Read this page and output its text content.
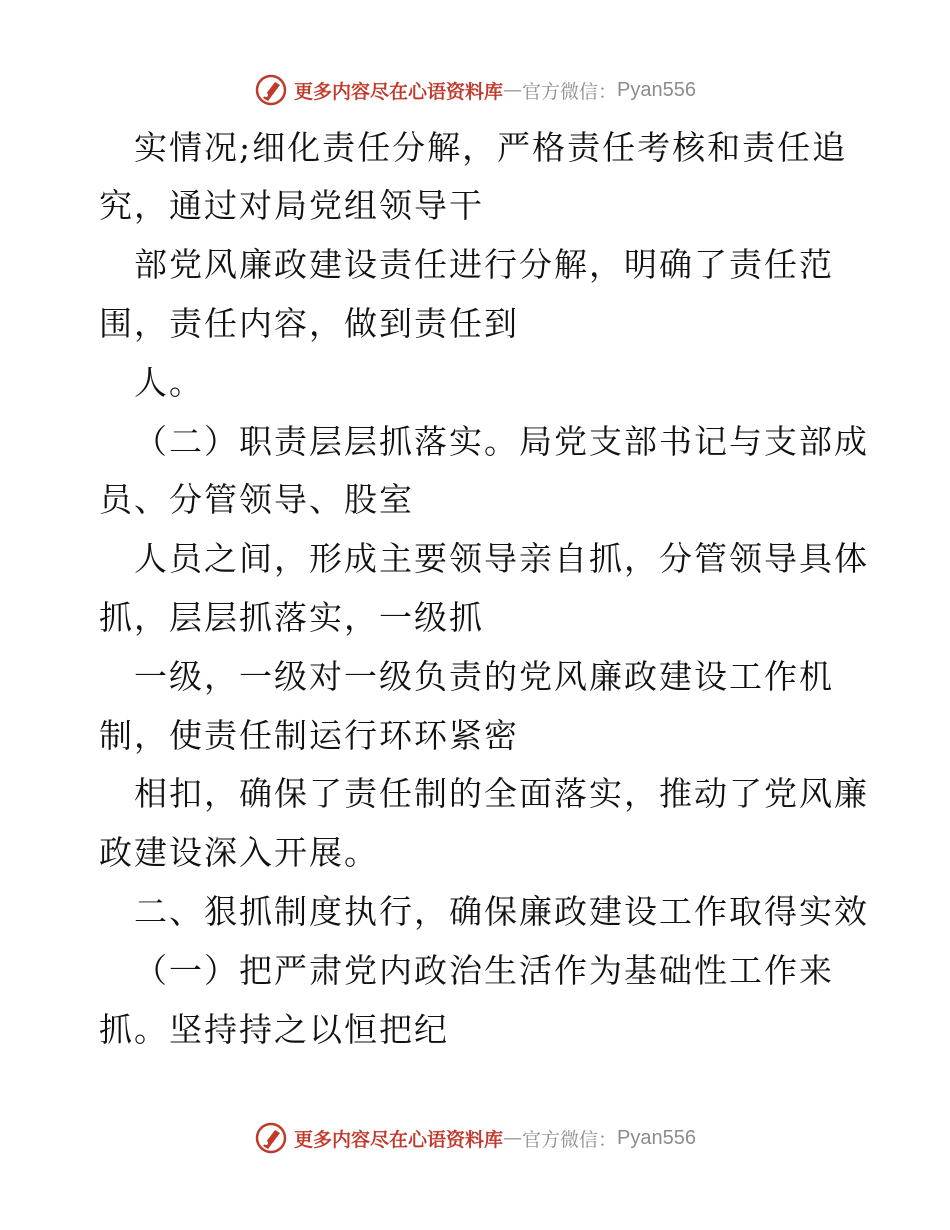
更多内容尽在心语资料库 — 官方微信： Pyan556
实情况;细化责任分解，严格责任考核和责任追
究，通过对局党组领导干
部党风廉政建设责任进行分解，明确了责任范
围，责任内容，做到责任到
人。
（二）职责层层抓落实。局党支部书记与支部成
员、分管领导、股室
人员之间，形成主要领导亲自抓，分管领导具体
抓，层层抓落实，一级抓
一级，一级对一级负责的党风廉政建设工作机
制，使责任制运行环环紧密
相扣，确保了责任制的全面落实，推动了党风廉
政建设深入开展。
二、狠抓制度执行，确保廉政建设工作取得实效
（一）把严肃党内政治生活作为基础性工作来
抓。坚持持之以恒把纪
更多内容尽在心语资料库 — 官方微信： Pyan556
